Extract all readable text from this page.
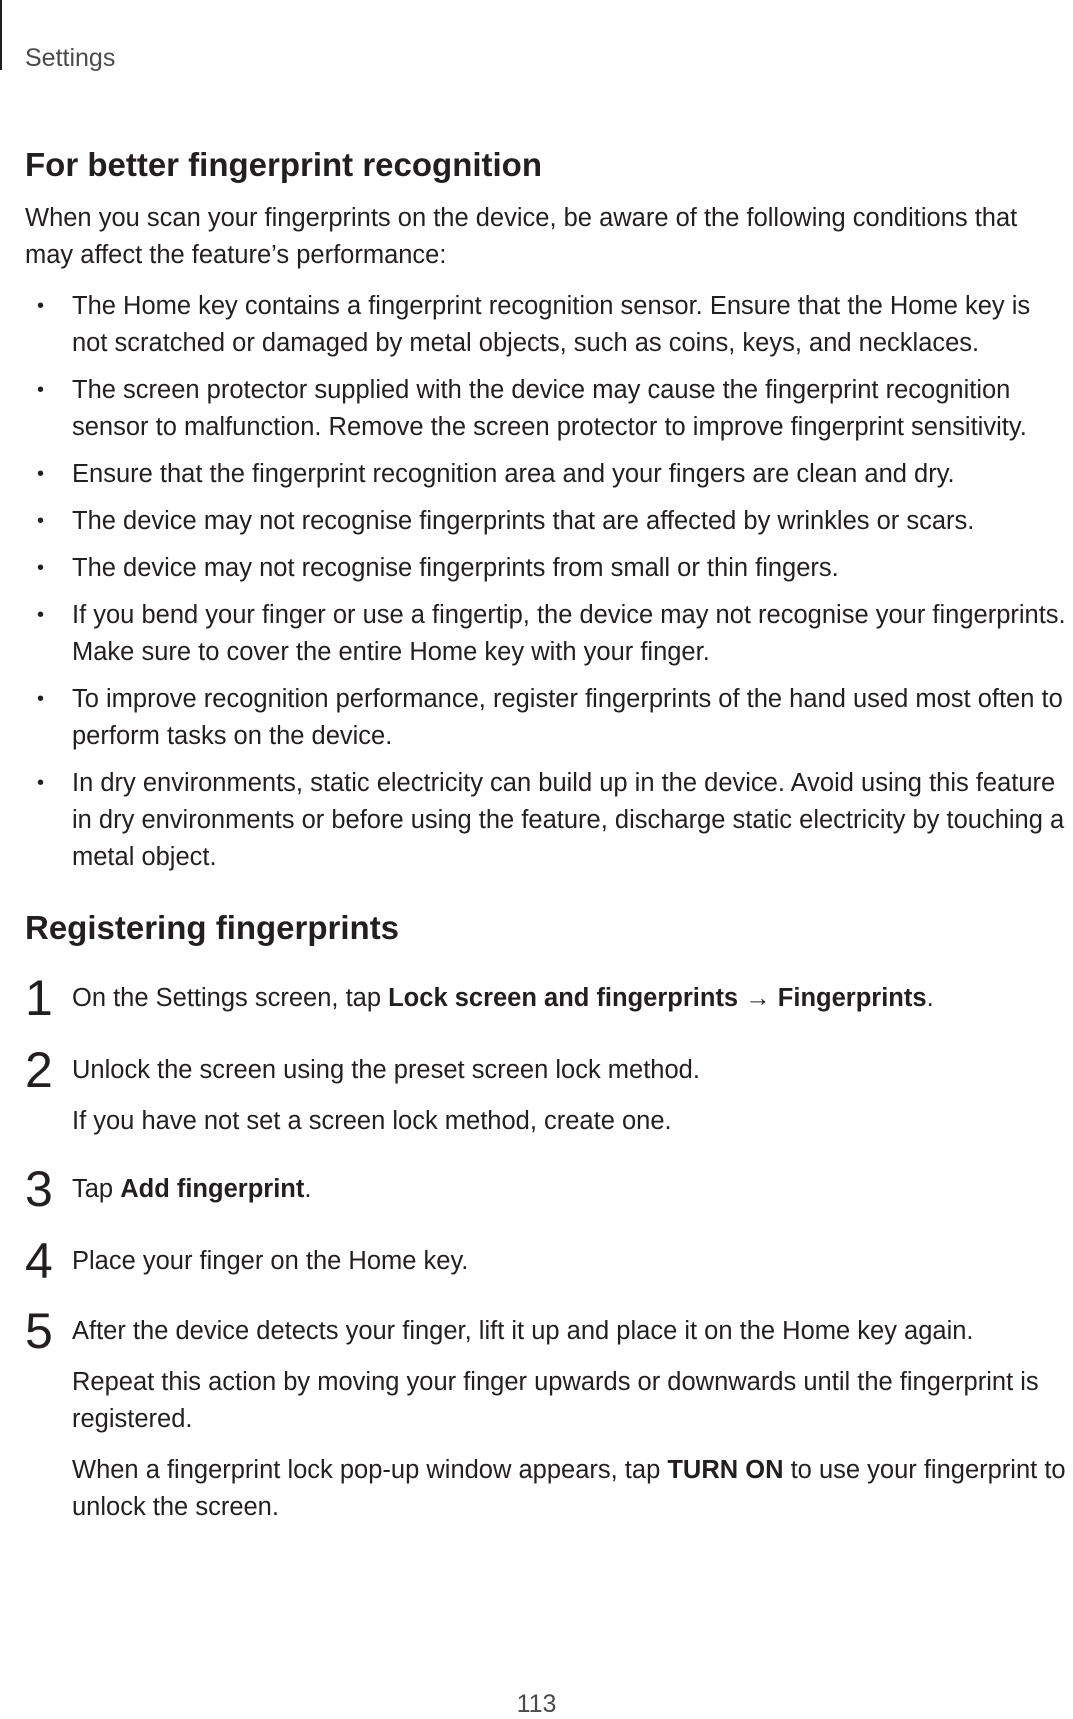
Settings
For better fingerprint recognition

When you scan your fingerprints on the device, be aware of the following conditions that may affect the feature’s performance:

• The Home key contains a fingerprint recognition sensor. Ensure that the Home key is not scratched or damaged by metal objects, such as coins, keys, and necklaces.
• The screen protector supplied with the device may cause the fingerprint recognition sensor to malfunction. Remove the screen protector to improve fingerprint sensitivity.
• Ensure that the fingerprint recognition area and your fingers are clean and dry.
• The device may not recognise fingerprints that are affected by wrinkles or scars.
• The device may not recognise fingerprints from small or thin fingers.
• If you bend your finger or use a fingertip, the device may not recognise your fingerprints. Make sure to cover the entire Home key with your finger.
• To improve recognition performance, register fingerprints of the hand used most often to perform tasks on the device.
• In dry environments, static electricity can build up in the device. Avoid using this feature in dry environments or before using the feature, discharge static electricity by touching a metal object.
Registering fingerprints
1 On the Settings screen, tap Lock screen and fingerprints → Fingerprints.

2 Unlock the screen using the preset screen lock method.

If you have not set a screen lock method, create one.

3 Tap Add fingerprint.

4 Place your finger on the Home key.

5 After the device detects your finger, lift it up and place it on the Home key again.

Repeat this action by moving your finger upwards or downwards until the fingerprint is registered.

When a fingerprint lock pop-up window appears, tap TURN ON to use your fingerprint to unlock the screen.

113
